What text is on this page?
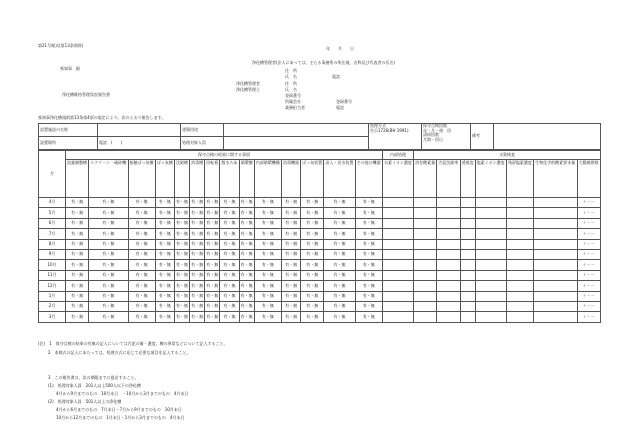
第21号様式(第13条関係)
年　　月　　日
県知事　殿
浄化槽維持管理状況報告書
浄化槽管理者(法人にあっては、主たる事務所の所在地、名称及び代表者の氏名)
住　所
氏　名	電話
浄化槽管理者	住　所
浄化槽管理士	氏　名
登録番号
所属会社	登録番号
業務担当者	電話
県知事浄化槽規則第13条第4項の規定により、次のとおり報告します。
設置施設の名称		建築用途		処理方式
告示1726(BH 1991)	保守点検回数
年・月・週　回
清掃回数
月間・回日	備考	
設置場所	電話　(　　)	処理対象人員					
月	保守点検の結果に関する事項														内部処理	水質検査						
	流量調整槽	スクリーン・破砕機	接触ばっ気槽	ばっ気槽	沈殿槽	消毒槽	回転板	散水ろ床	循環槽	内部循環機構	消毒機器	ばっ気装置	汲入・送水装置	その他の機器	水素イオン濃度	溶存酸素量	汚泥沈殿率	透視度	塩素イオン濃度	残留塩素濃度	生物化学的酸素要求量	大腸菌群数
4月	有・無	有・無	有・無	有・無	有・無	有・無	有・無	有・無	有・無	有・無	有・無	有・無	有・無	有・無								＋・－
5月	有・無	有・無	有・無	有・無	有・無	有・無	有・無	有・無	有・無	有・無	有・無	有・無	有・無	有・無								＋・－
6月	有・無	有・無	有・無	有・無	有・無	有・無	有・無	有・無	有・無	有・無	有・無	有・無	有・無	有・無								＋・－
7月	有・無	有・無	有・無	有・無	有・無	有・無	有・無	有・無	有・無	有・無	有・無	有・無	有・無	有・無								＋・－
8月	有・無	有・無	有・無	有・無	有・無	有・無	有・無	有・無	有・無	有・無	有・無	有・無	有・無	有・無								＋・－
9月	有・無	有・無	有・無	有・無	有・無	有・無	有・無	有・無	有・無	有・無	有・無	有・無	有・無	有・無								＋・－
10月	有・無	有・無	有・無	有・無	有・無	有・無	有・無	有・無	有・無	有・無	有・無	有・無	有・無	有・無								＋・－
11月	有・無	有・無	有・無	有・無	有・無	有・無	有・無	有・無	有・無	有・無	有・無	有・無	有・無	有・無								＋・－
12月	有・無	有・無	有・無	有・無	有・無	有・無	有・無	有・無	有・無	有・無	有・無	有・無	有・無	有・無								＋・－
1月	有・無	有・無	有・無	有・無	有・無	有・無	有・無	有・無	有・無	有・無	有・無	有・無	有・無	有・無								＋・－
2月	有・無	有・無	有・無	有・無	有・無	有・無	有・無	有・無	有・無	有・無	有・無	有・無	有・無	有・無								＋・－
3月	有・無	有・無	有・無	有・無	有・無	有・無	有・無	有・無	有・無	有・無	有・無	有・無	有・無	有・無								＋・－
(注)　1　保守点検の結果の有無の記入については汚泥の量・濃度、槽の異常などについて記入すること。
2　本様式の記入にあたっては、処理方式に応じて必要な項目を記入すること。
3　この報告書は、次の期限までに提出すること。
(1)　処理対象人員　201人以上500人以下の浄化槽
4月から9月までのもの　10月末日　・10月から3月までのもの　4月末日
(2)　処理対象人員　501人以上の浄化槽
4月から6月までのもの　7月末日・7月から9月までのもの　10月末日
10月から12月までのもの　1月末日・1月から3月までのもの　4月末日
